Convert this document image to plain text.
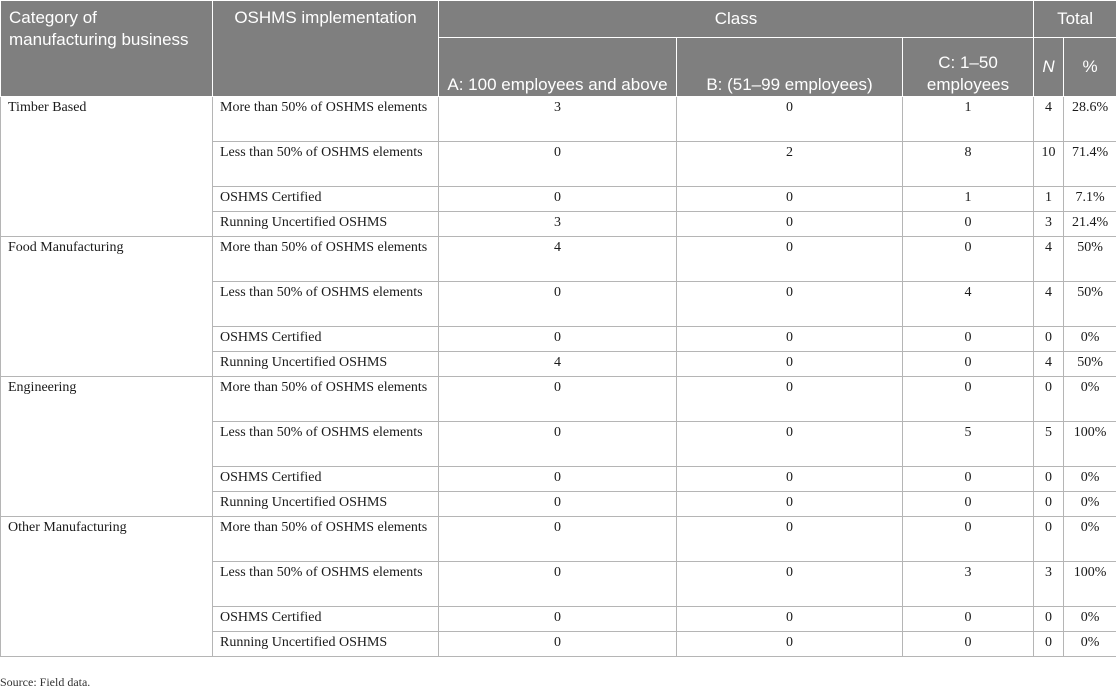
Category of manufacturing business	OSHMS implementation	Class			Total	
		A: 100 employees and above	B: (51–99 employees)	C: 1–50 employees	N	%
Timber Based	More than 50% of OSHMS elements	3	0	1	4	28.6%
	Less than 50% of OSHMS elements	0	2	8	10	71.4%
	OSHMS Certified	0	0	1	1	7.1%
	Running Uncertified OSHMS	3	0	0	3	21.4%
Food Manufacturing	More than 50% of OSHMS elements	4	0	0	4	50%
	Less than 50% of OSHMS elements	0	0	4	4	50%
	OSHMS Certified	0	0	0	0	0%
	Running Uncertified OSHMS	4	0	0	4	50%
Engineering	More than 50% of OSHMS elements	0	0	0	0	0%
	Less than 50% of OSHMS elements	0	0	5	5	100%
	OSHMS Certified	0	0	0	0	0%
	Running Uncertified OSHMS	0	0	0	0	0%
Other Manufacturing	More than 50% of OSHMS elements	0	0	0	0	0%
	Less than 50% of OSHMS elements	0	0	3	3	100%
	OSHMS Certified	0	0	0	0	0%
	Running Uncertified OSHMS	0	0	0	0	0%
Source: Field data.
